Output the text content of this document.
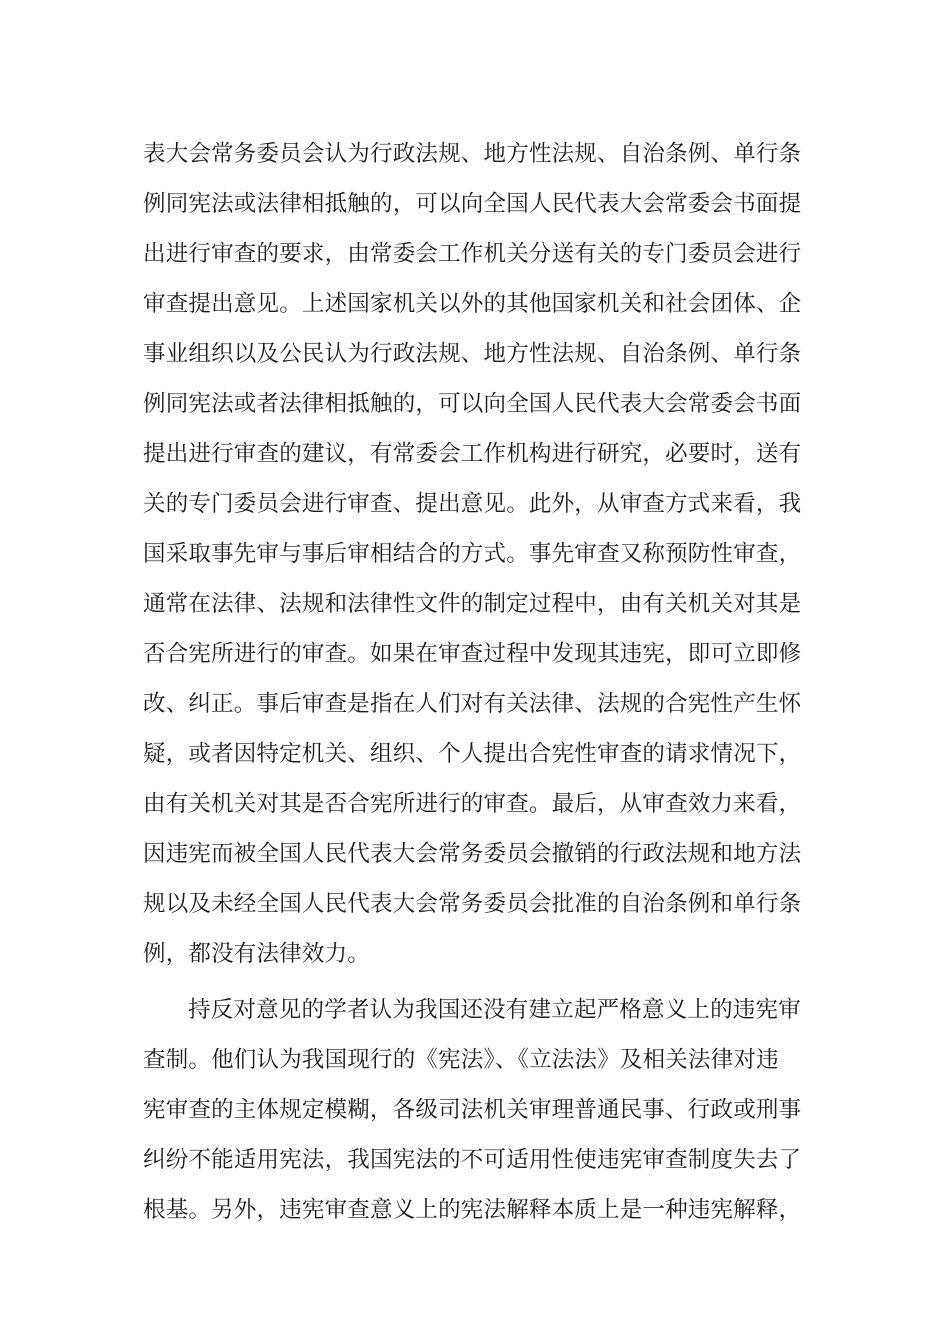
表大会常务委员会认为行政法规、地方性法规、自治条例、单行条
例同宪法或法律相抵触的，可以向全国人民代表大会常委会书面提
出进行审查的要求，由常委会工作机关分送有关的专门委员会进行
审查提出意见。上述国家机关以外的其他国家机关和社会团体、企
事业组织以及公民认为行政法规、地方性法规、自治条例、单行条
例同宪法或者法律相抵触的，可以向全国人民代表大会常委会书面
提出进行审查的建议，有常委会工作机构进行研究，必要时，送有
关的专门委员会进行审查、提出意见。此外，从审查方式来看，我
国采取事先审与事后审相结合的方式。事先审查又称预防性审查，
通常在法律、法规和法律性文件的制定过程中，由有关机关对其是
否合宪所进行的审查。如果在审查过程中发现其违宪，即可立即修
改、纠正。事后审查是指在人们对有关法律、法规的合宪性产生怀
疑，或者因特定机关、组织、个人提出合宪性审查的请求情况下，
由有关机关对其是否合宪所进行的审查。最后，从审查效力来看，
因违宪而被全国人民代表大会常务委员会撤销的行政法规和地方法
规以及未经全国人民代表大会常务委员会批准的自治条例和单行条
例，都没有法律效力。
持反对意见的学者认为我国还没有建立起严格意义上的违宪审
查制。他们认为我国现行的《宪法》、《立法法》及相关法律对违
宪审查的主体规定模糊，各级司法机关审理普通民事、行政或刑事
纠纷不能适用宪法，我国宪法的不可适用性使违宪审查制度失去了
根基。另外，违宪审查意义上的宪法解释本质上是一种违宪解释，
